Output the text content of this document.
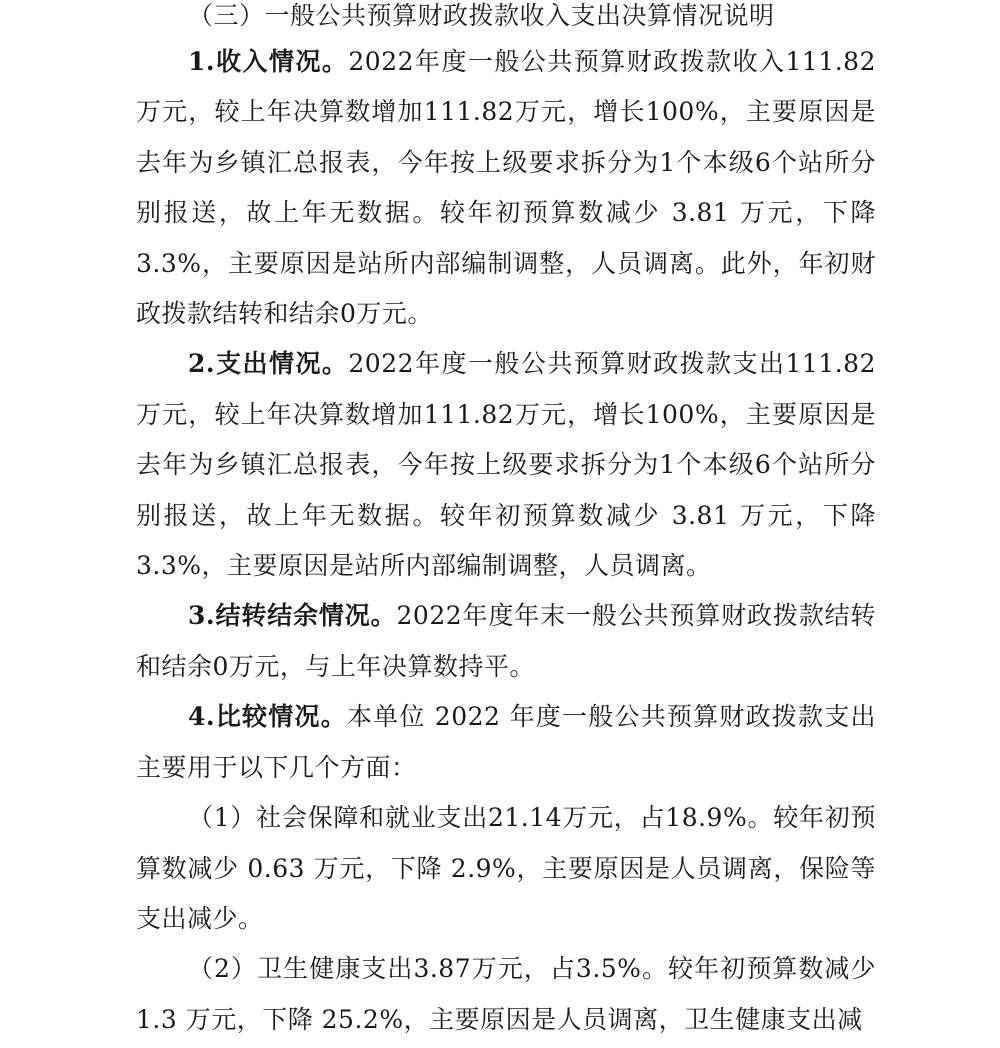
（三）一般公共预算财政拨款收入支出决算情况说明

1.收入情况。2022年度一般公共预算财政拨款收入111.82万元，较上年决算数增加111.82万元，增长100%，主要原因是去年为乡镇汇总报表，今年按上级要求拆分为1个本级6个站所分别报送，故上年无数据。较年初预算数减少 3.81 万元，下降3.3%，主要原因是站所内部编制调整，人员调离。此外，年初财政拨款结转和结余0万元。

2.支出情况。2022年度一般公共预算财政拨款支出111.82万元，较上年决算数增加111.82万元，增长100%，主要原因是去年为乡镇汇总报表，今年按上级要求拆分为1个本级6个站所分别报送，故上年无数据。较年初预算数减少 3.81 万元，下降3.3%，主要原因是站所内部编制调整，人员调离。

3.结转结余情况。2022年度年末一般公共预算财政拨款结转和结余0万元，与上年决算数持平。

4.比较情况。本单位 2022 年度一般公共预算财政拨款支出主要用于以下几个方面：

（1）社会保障和就业支出21.14万元，占18.9%。较年初预算数减少 0.63 万元，下降 2.9%，主要原因是人员调离，保险等支出减少。

（2）卫生健康支出3.87万元，占3.5%。较年初预算数减少1.3 万元，下降 25.2%，主要原因是人员调离，卫生健康支出减
